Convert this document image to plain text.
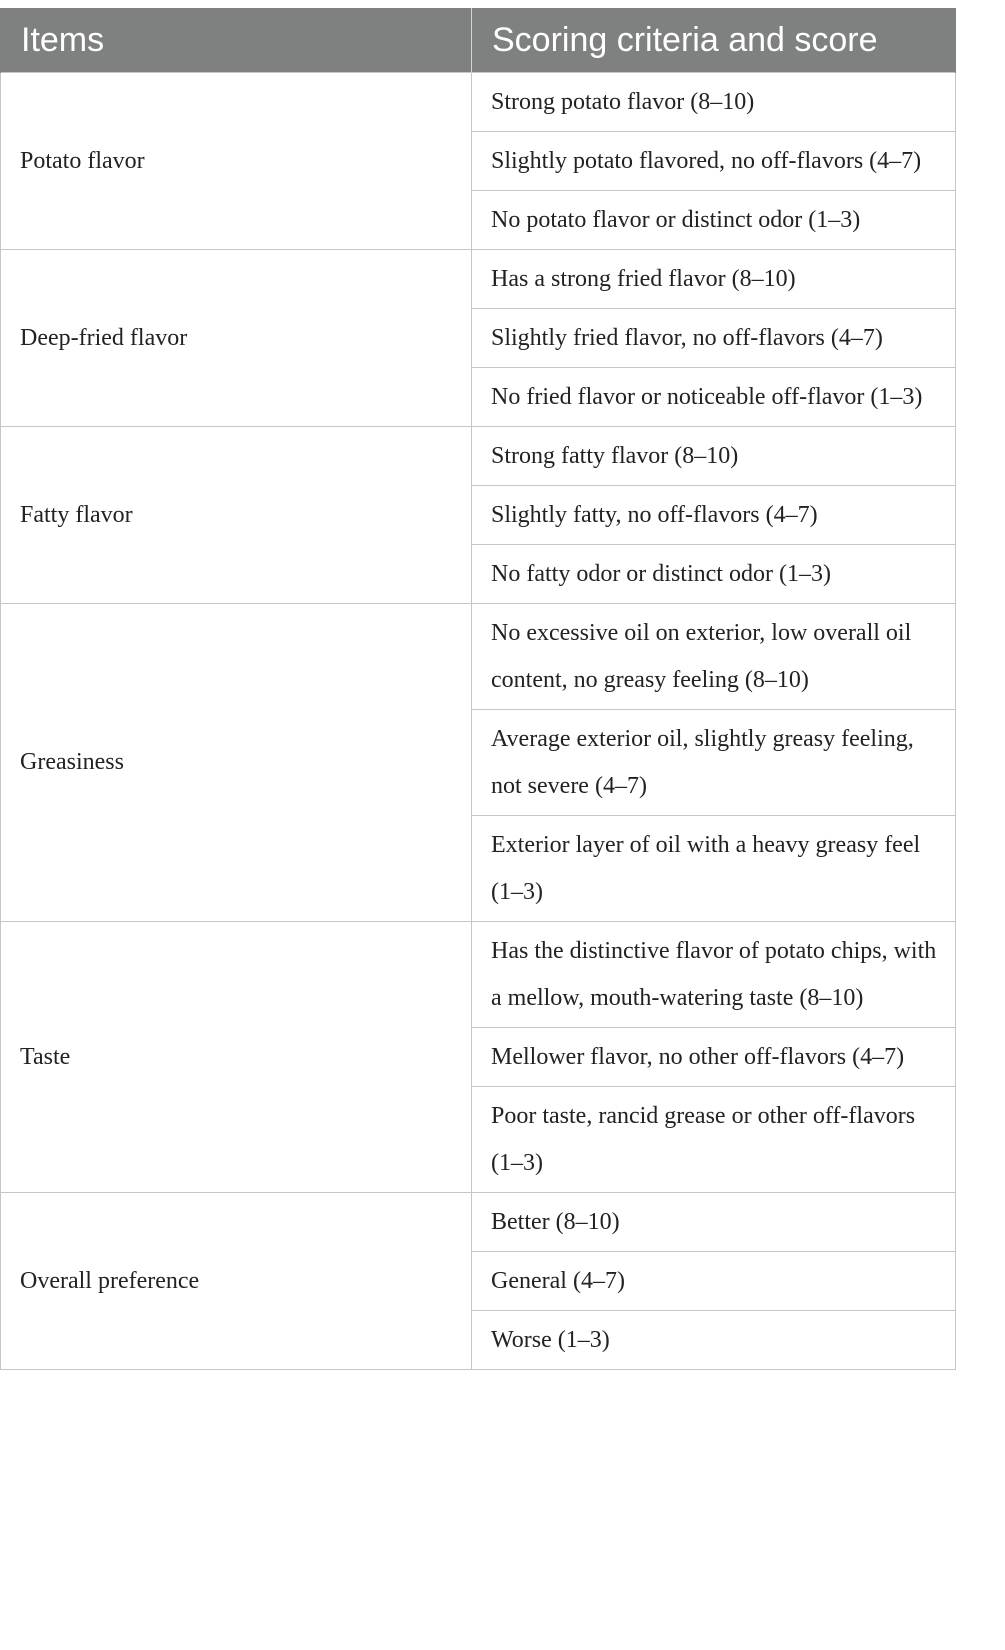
Items	Scoring criteria and score
Potato flavor	Strong potato flavor (8–10)
	Slightly potato flavored, no off-flavors (4–7)
	No potato flavor or distinct odor (1–3)
Deep-fried flavor	Has a strong fried flavor (8–10)
	Slightly fried flavor, no off-flavors (4–7)
	No fried flavor or noticeable off-flavor (1–3)
Fatty flavor	Strong fatty flavor (8–10)
	Slightly fatty, no off-flavors (4–7)
	No fatty odor or distinct odor (1–3)
Greasiness	No excessive oil on exterior, low overall oil content, no greasy feeling (8–10)
	Average exterior oil, slightly greasy feeling, not severe (4–7)
	Exterior layer of oil with a heavy greasy feel (1–3)
Taste	Has the distinctive flavor of potato chips, with a mellow, mouth-watering taste (8–10)
	Mellower flavor, no other off-flavors (4–7)
	Poor taste, rancid grease or other off-flavors (1–3)
Overall preference	Better (8–10)
	General (4–7)
	Worse (1–3)
